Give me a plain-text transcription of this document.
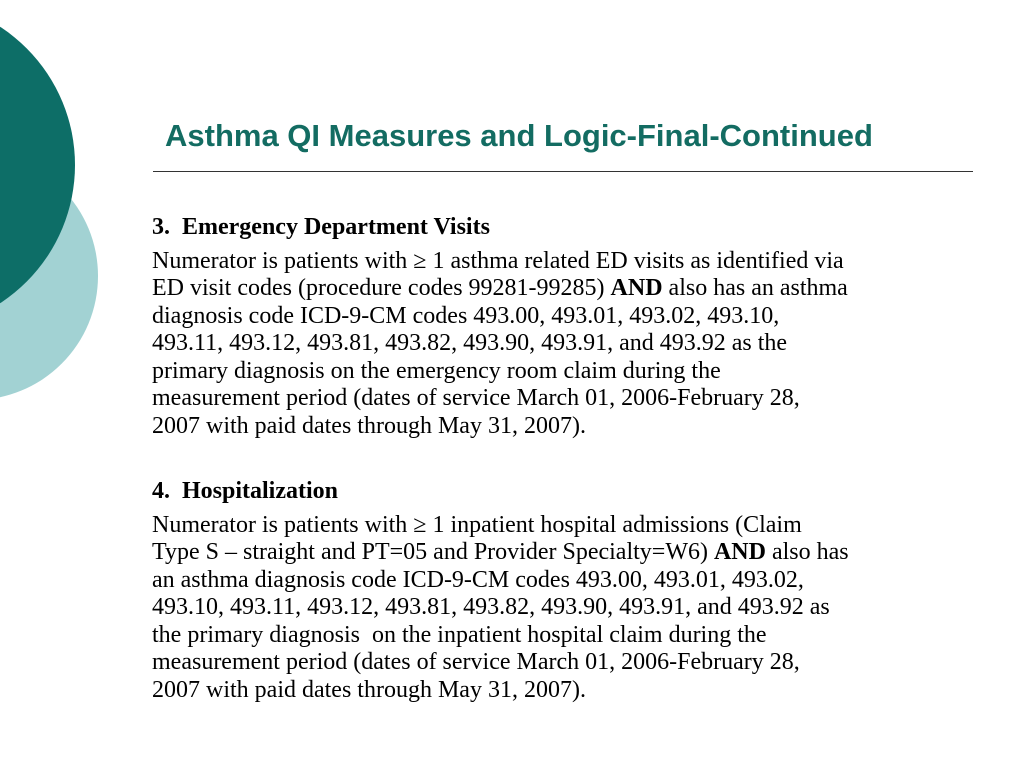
Asthma QI Measures and Logic-Final-Continued

3.  Emergency Department Visits

Numerator is patients with ≥ 1 asthma related ED visits as identified via
ED visit codes (procedure codes 99281-99285) AND also has an asthma
diagnosis code ICD-9-CM codes 493.00, 493.01, 493.02, 493.10,
493.11, 493.12, 493.81, 493.82, 493.90, 493.91, and 493.92 as the
primary diagnosis on the emergency room claim during the
measurement period (dates of service March 01, 2006-February 28,
2007 with paid dates through May 31, 2007).

4.  Hospitalization

Numerator is patients with ≥ 1 inpatient hospital admissions (Claim
Type S – straight and PT=05 and Provider Specialty=W6) AND also has
an asthma diagnosis code ICD-9-CM codes 493.00, 493.01, 493.02,
493.10, 493.11, 493.12, 493.81, 493.82, 493.90, 493.91, and 493.92 as
the primary diagnosis  on the inpatient hospital claim during the
measurement period (dates of service March 01, 2006-February 28,
2007 with paid dates through May 31, 2007).
